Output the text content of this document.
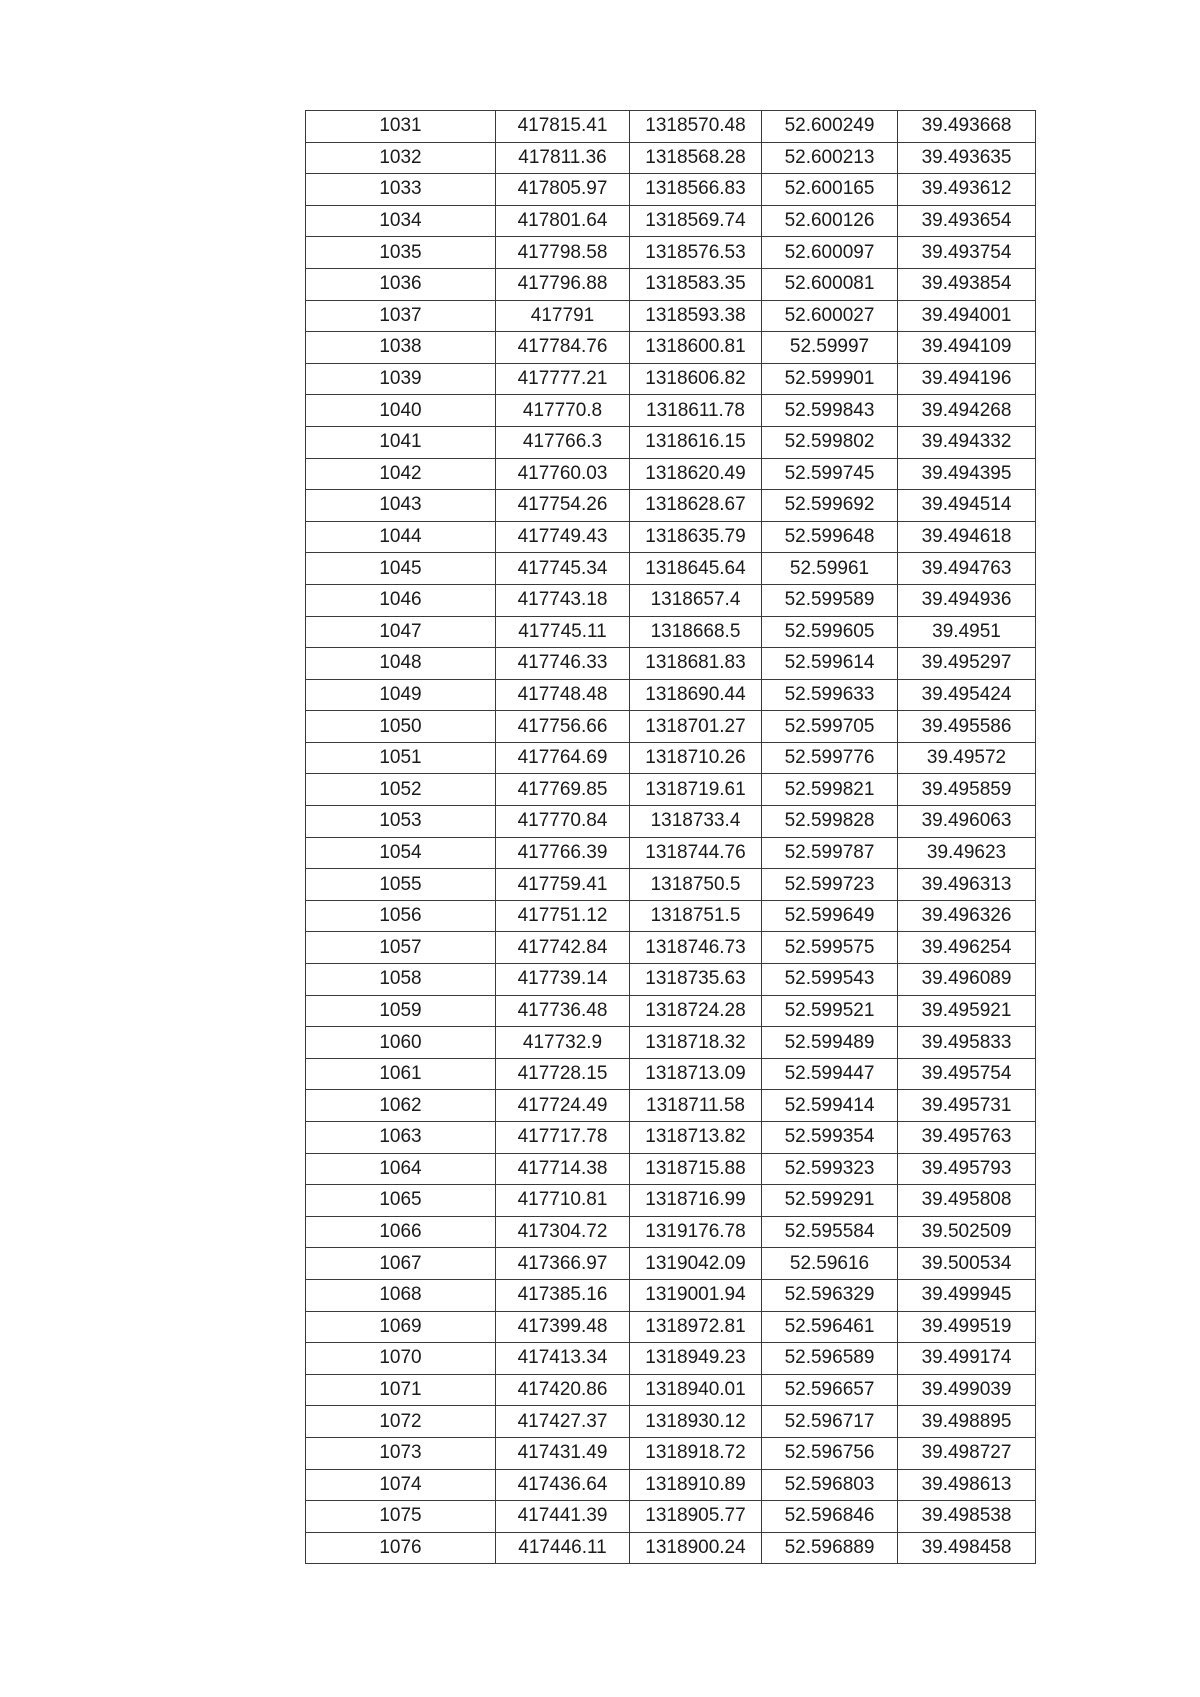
1031	417815.41	1318570.48	52.600249	39.493668
1032	417811.36	1318568.28	52.600213	39.493635
1033	417805.97	1318566.83	52.600165	39.493612
1034	417801.64	1318569.74	52.600126	39.493654
1035	417798.58	1318576.53	52.600097	39.493754
1036	417796.88	1318583.35	52.600081	39.493854
1037	417791	1318593.38	52.600027	39.494001
1038	417784.76	1318600.81	52.59997	39.494109
1039	417777.21	1318606.82	52.599901	39.494196
1040	417770.8	1318611.78	52.599843	39.494268
1041	417766.3	1318616.15	52.599802	39.494332
1042	417760.03	1318620.49	52.599745	39.494395
1043	417754.26	1318628.67	52.599692	39.494514
1044	417749.43	1318635.79	52.599648	39.494618
1045	417745.34	1318645.64	52.59961	39.494763
1046	417743.18	1318657.4	52.599589	39.494936
1047	417745.11	1318668.5	52.599605	39.4951
1048	417746.33	1318681.83	52.599614	39.495297
1049	417748.48	1318690.44	52.599633	39.495424
1050	417756.66	1318701.27	52.599705	39.495586
1051	417764.69	1318710.26	52.599776	39.49572
1052	417769.85	1318719.61	52.599821	39.495859
1053	417770.84	1318733.4	52.599828	39.496063
1054	417766.39	1318744.76	52.599787	39.49623
1055	417759.41	1318750.5	52.599723	39.496313
1056	417751.12	1318751.5	52.599649	39.496326
1057	417742.84	1318746.73	52.599575	39.496254
1058	417739.14	1318735.63	52.599543	39.496089
1059	417736.48	1318724.28	52.599521	39.495921
1060	417732.9	1318718.32	52.599489	39.495833
1061	417728.15	1318713.09	52.599447	39.495754
1062	417724.49	1318711.58	52.599414	39.495731
1063	417717.78	1318713.82	52.599354	39.495763
1064	417714.38	1318715.88	52.599323	39.495793
1065	417710.81	1318716.99	52.599291	39.495808
1066	417304.72	1319176.78	52.595584	39.502509
1067	417366.97	1319042.09	52.59616	39.500534
1068	417385.16	1319001.94	52.596329	39.499945
1069	417399.48	1318972.81	52.596461	39.499519
1070	417413.34	1318949.23	52.596589	39.499174
1071	417420.86	1318940.01	52.596657	39.499039
1072	417427.37	1318930.12	52.596717	39.498895
1073	417431.49	1318918.72	52.596756	39.498727
1074	417436.64	1318910.89	52.596803	39.498613
1075	417441.39	1318905.77	52.596846	39.498538
1076	417446.11	1318900.24	52.596889	39.498458
